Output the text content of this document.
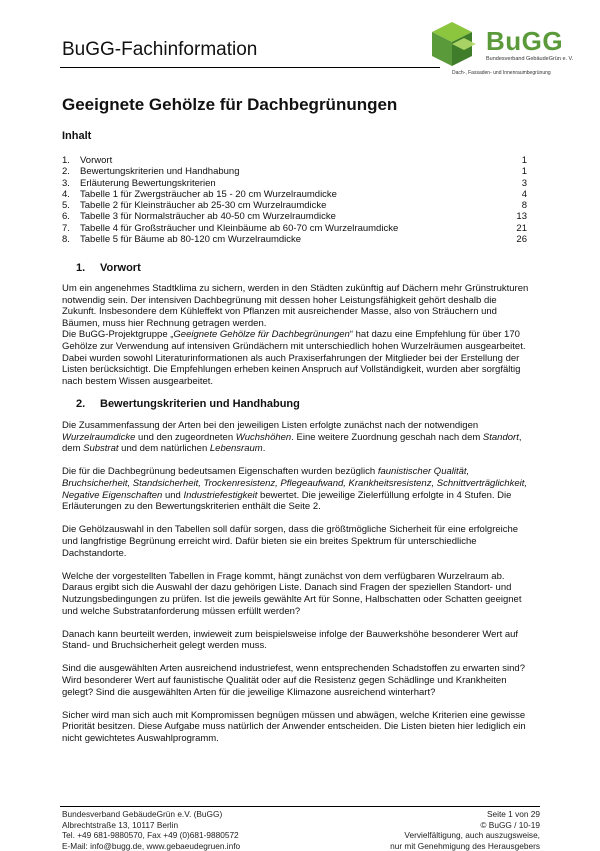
BuGG-Fachinformation	BuGG
Bundesverband GebäudeGrün e. V.
Dach-, Fassaden- und Innenraumbegrünung
Geeignete Gehölze für Dachbegrünungen
Inhalt
1.	Vorwort	1
2.	Bewertungskriterien und Handhabung	1
3.	Erläuterung Bewertungskriterien	3
4.	Tabelle 1 für Zwergsträucher ab 15 - 20 cm Wurzelraumdicke	4
5.	Tabelle 2 für Kleinsträucher ab 25-30 cm Wurzelraumdicke	8
6.	Tabelle 3 für Normalsträucher ab 40-50 cm Wurzelraumdicke	13
7.	Tabelle 4 für Großsträucher und Kleinbäume ab 60-70 cm Wurzelraumdicke	21
8.	Tabelle 5 für Bäume ab 80-120 cm Wurzelraumdicke	26
1. Vorwort

Um ein angenehmes Stadtklima zu sichern, werden in den Städten zukünftig auf Dächern mehr Grünstrukturen notwendig sein. Der intensiven Dachbegrünung mit dessen hoher Leistungsfähigkeit gehört deshalb die Zukunft. Insbesondere dem Kühleffekt von Pflanzen mit ausreichender Masse, also von Sträuchern und Bäumen, muss hier Rechnung getragen werden.

Die BuGG-Projektgruppe „Geeignete Gehölze für Dachbegrünungen“ hat dazu eine Empfehlung für über 170 Gehölze zur Verwendung auf intensiven Gründächern mit unterschiedlich hohen Wurzelräumen ausgearbeitet. Dabei wurden sowohl Literaturinformationen als auch Praxiserfahrungen der Mitglieder bei der Erstellung der Listen berücksichtigt. Die Empfehlungen erheben keinen Anspruch auf Vollständigkeit, wurden aber sorgfältig nach bestem Wissen ausgearbeitet.

2. Bewertungskriterien und Handhabung

Die Zusammenfassung der Arten bei den jeweiligen Listen erfolgte zunächst nach der notwendigen Wurzelraumdicke und den zugeordneten Wuchshöhen. Eine weitere Zuordnung geschah nach dem Standort, dem Substrat und dem natürlichen Lebensraum.

Die für die Dachbegrünung bedeutsamen Eigenschaften wurden bezüglich faunistischer Qualität, Bruchsicherheit, Standsicherheit, Trockenresistenz, Pflegeaufwand, Krankheitsresistenz, Schnittverträglichkeit, Negative Eigenschaften und Industriefestigkeit bewertet. Die jeweilige Zielerfüllung erfolgte in 4 Stufen. Die Erläuterungen zu den Bewertungskriterien enthält die Seite 2.

Die Gehölzauswahl in den Tabellen soll dafür sorgen, dass die größtmögliche Sicherheit für eine erfolgreiche und langfristige Begrünung erreicht wird. Dafür bieten sie ein breites Spektrum für unterschiedliche Dachstandorte.

Welche der vorgestellten Tabellen in Frage kommt, hängt zunächst von dem verfügbaren Wurzelraum ab. Daraus ergibt sich die Auswahl der dazu gehörigen Liste. Danach sind Fragen der speziellen Standort- und Nutzungsbedingungen zu prüfen. Ist die jeweils gewählte Art für Sonne, Halbschatten oder Schatten geeignet und welche Substratanforderung müssen erfüllt werden?

Danach kann beurteilt werden, inwieweit zum beispielsweise infolge der Bauwerkshöhe besonderer Wert auf Stand- und Bruchsicherheit gelegt werden muss.

Sind die ausgewählten Arten ausreichend industriefest, wenn entsprechenden Schadstoffen zu erwarten sind? Wird besonderer Wert auf faunistische Qualität oder auf die Resistenz gegen Schädlinge und Krankheiten gelegt? Sind die ausgewählten Arten für die jeweilige Klimazone ausreichend winterhart?

Sicher wird man sich auch mit Kompromissen begnügen müssen und abwägen, welche Kriterien eine gewisse Priorität besitzen. Diese Aufgabe muss natürlich der Anwender entscheiden. Die Listen bieten hier lediglich ein nicht gewichtetes Auswahlprogramm.

Bundesverband GebäudeGrün e.V. (BuGG)
Albrechtstraße 13, 10117 Berlin
Tel. +49 681-9880570, Fax +49 (0)681-9880572
E-Mail: info@bugg.de, www.gebaeudegruen.info
Seite 1 von 29
© BuGG / 10-19
Vervielfältigung, auch auszugsweise,
nur mit Genehmigung des Herausgebers
